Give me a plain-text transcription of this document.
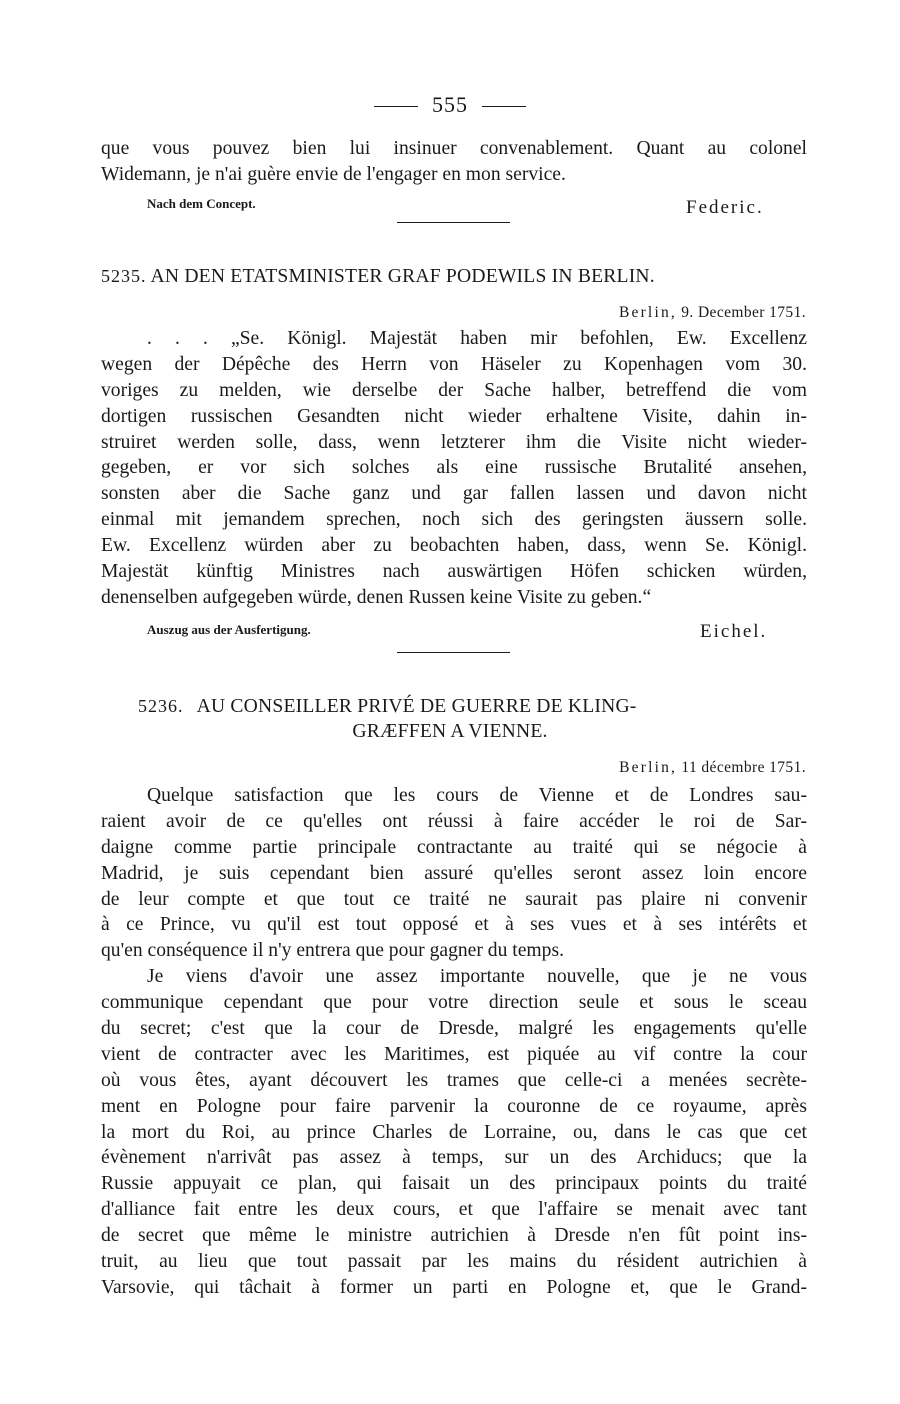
555
que vous pouvez bien lui insinuer convenablement. Quant au colonel
Widemann, je n'ai guère envie de l'engager en mon service.
Nach dem Concept.	Federic.
5235. AN DEN ETATSMINISTER GRAF PODEWILS IN BERLIN.
Berlin, 9. December 1751.
. . . „Se. Königl. Majestät haben mir befohlen, Ew. Excellenz
wegen der Dépêche des Herrn von Häseler zu Kopenhagen vom 30.
voriges zu melden, wie derselbe der Sache halber, betreffend die vom
dortigen russischen Gesandten nicht wieder erhaltene Visite, dahin in-
struiret werden solle, dass, wenn letzterer ihm die Visite nicht wieder-
gegeben, er vor sich solches als eine russische Brutalité ansehen,
sonsten aber die Sache ganz und gar fallen lassen und davon nicht
einmal mit jemandem sprechen, noch sich des geringsten äussern solle.
Ew. Excellenz würden aber zu beobachten haben, dass, wenn Se. Königl.
Majestät künftig Ministres nach auswärtigen Höfen schicken würden,
denenselben aufgegeben würde, denen Russen keine Visite zu geben.“
Auszug aus der Ausfertigung.	Eichel.
5236. AU CONSEILLER PRIVÉ DE GUERRE DE KLING-
GRÆFFEN A VIENNE.
Berlin, 11 décembre 1751.
Quelque satisfaction que les cours de Vienne et de Londres sau-
raient avoir de ce qu'elles ont réussi à faire accéder le roi de Sar-
daigne comme partie principale contractante au traité qui se négocie à
Madrid, je suis cependant bien assuré qu'elles seront assez loin encore
de leur compte et que tout ce traité ne saurait pas plaire ni convenir
à ce Prince, vu qu'il est tout opposé et à ses vues et à ses intérêts et
qu'en conséquence il n'y entrera que pour gagner du temps.
Je viens d'avoir une assez importante nouvelle, que je ne vous
communique cependant que pour votre direction seule et sous le sceau
du secret; c'est que la cour de Dresde, malgré les engagements qu'elle
vient de contracter avec les Maritimes, est piquée au vif contre la cour
où vous êtes, ayant découvert les trames que celle-ci a menées secrète-
ment en Pologne pour faire parvenir la couronne de ce royaume, après
la mort du Roi, au prince Charles de Lorraine, ou, dans le cas que cet
évènement n'arrivât pas assez à temps, sur un des Archiducs; que la
Russie appuyait ce plan, qui faisait un des principaux points du traité
d'alliance fait entre les deux cours, et que l'affaire se menait avec tant
de secret que même le ministre autrichien à Dresde n'en fût point ins-
truit, au lieu que tout passait par les mains du résident autrichien à
Varsovie, qui tâchait à former un parti en Pologne et, que le Grand-
